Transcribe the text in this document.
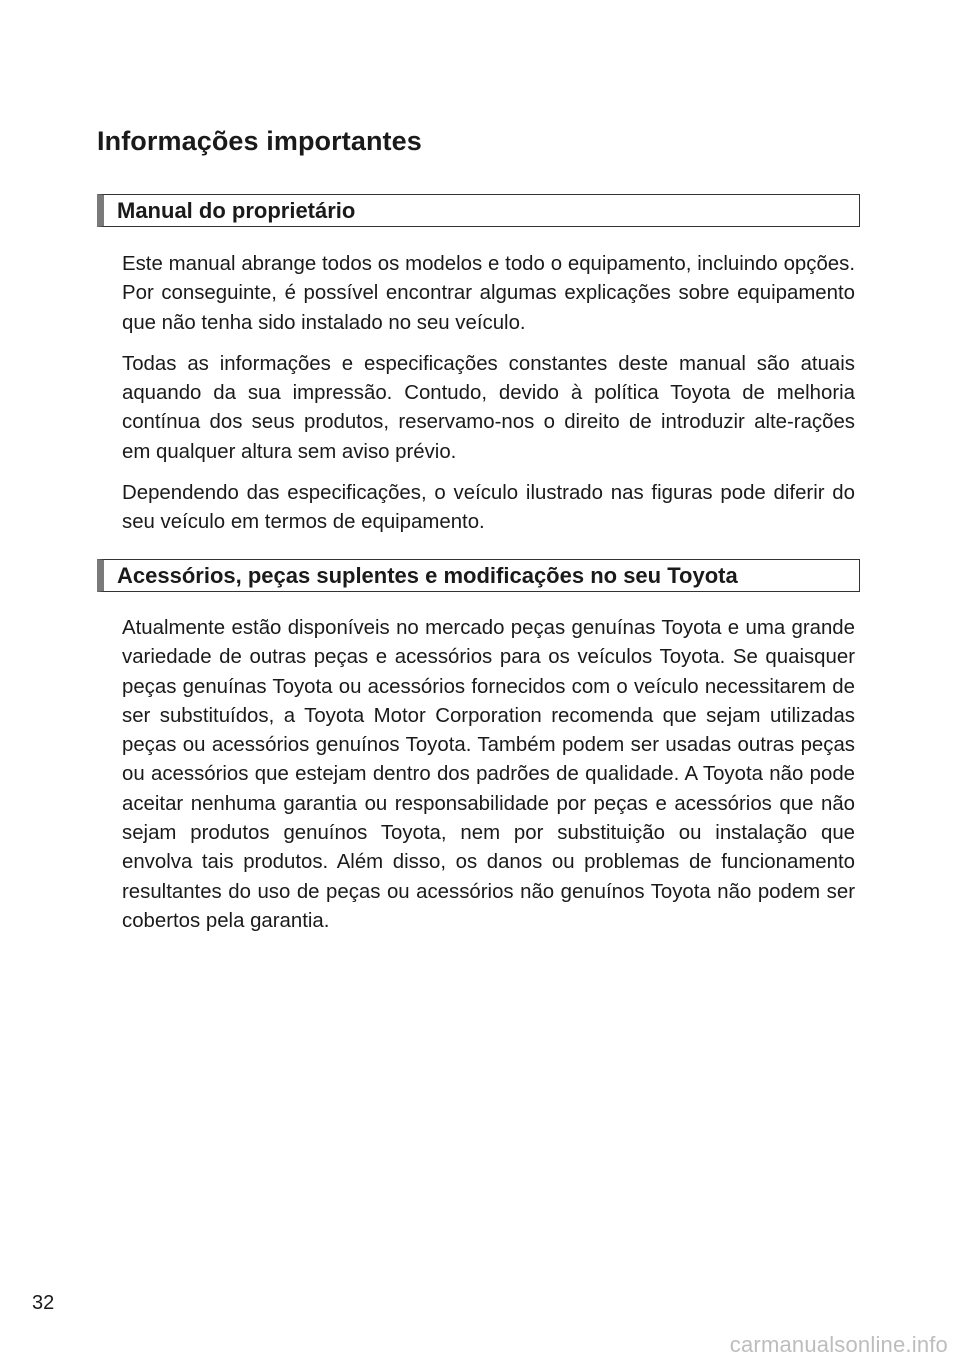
Informações importantes
Manual do proprietário

Este manual abrange todos os modelos e todo o equipamento, incluindo opções. Por conseguinte, é possível encontrar algumas explicações sobre equipamento que não tenha sido instalado no seu veículo.

Todas as informações e especificações constantes deste manual são atuais aquando da sua impressão. Contudo, devido à política Toyota de melhoria contínua dos seus produtos, reservamo-nos o direito de introduzir alte-rações em qualquer altura sem aviso prévio.

Dependendo das especificações, o veículo ilustrado nas figuras pode diferir do seu veículo em termos de equipamento.

Acessórios, peças suplentes e modificações no seu Toyota

Atualmente estão disponíveis no mercado peças genuínas Toyota e uma grande variedade de outras peças e acessórios para os veículos Toyota. Se quaisquer peças genuínas Toyota ou acessórios fornecidos com o veículo necessitarem de ser substituídos, a Toyota Motor Corporation recomenda que sejam utilizadas peças ou acessórios genuínos Toyota. Também podem ser usadas outras peças ou acessórios que estejam dentro dos padrões de qualidade. A Toyota não pode aceitar nenhuma garantia ou responsabilidade por peças e acessórios que não sejam produtos genuínos Toyota, nem por substituição ou instalação que envolva tais produtos. Além disso, os danos ou problemas de funcionamento resultantes do uso de peças ou acessórios não genuínos Toyota não podem ser cobertos pela garantia.

32
carmanualsonline.info
